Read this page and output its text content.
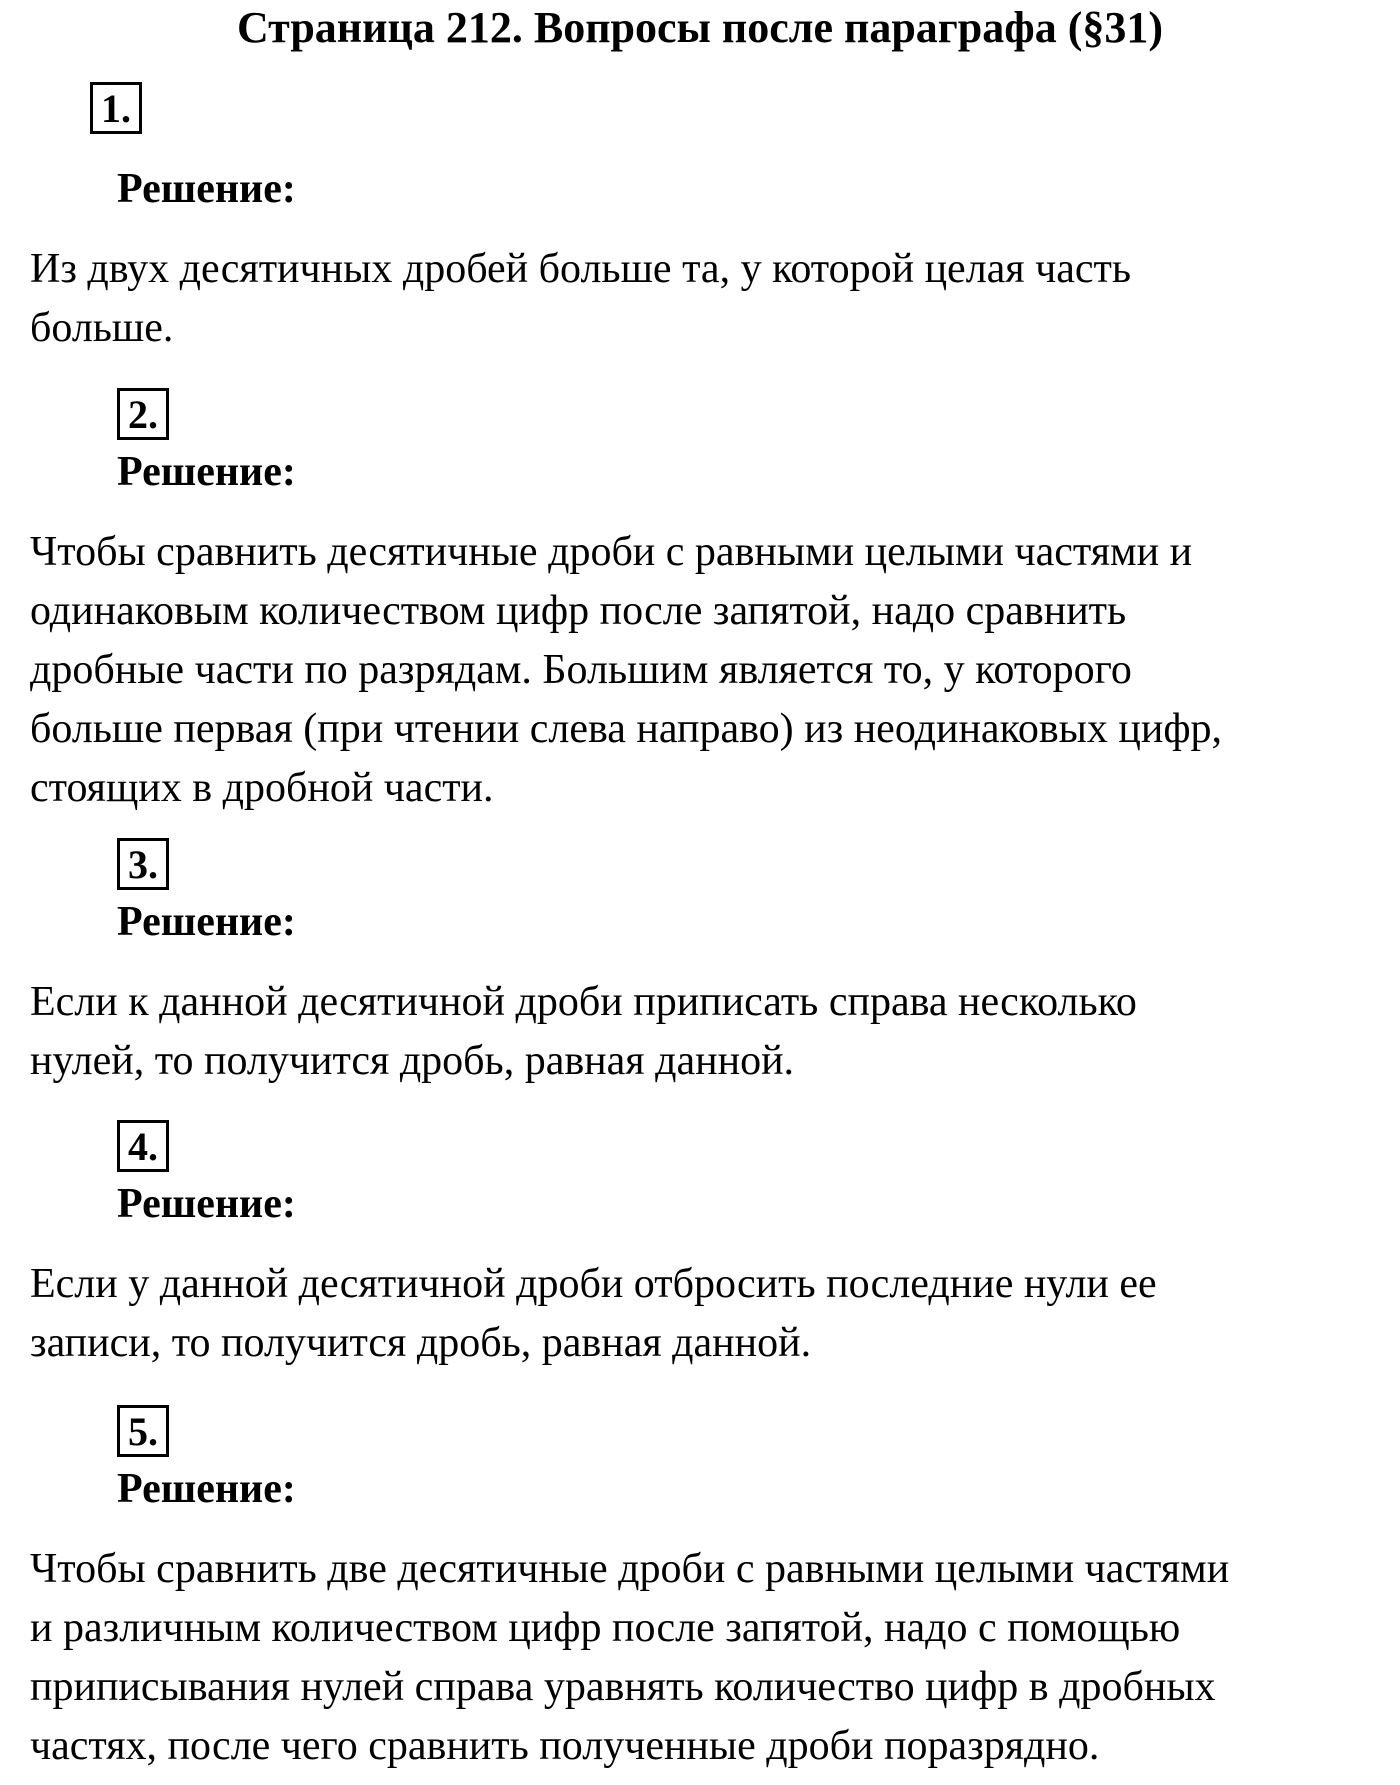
Страница 212. Вопросы после параграфа (§31)
1.
Решение:
Из двух десятичных дробей больше та, у которой целая часть
больше.
2.
Решение:
Чтобы сравнить десятичные дроби с равными целыми частями и
одинаковым количеством цифр после запятой, надо сравнить
дробные части по разрядам. Большим является то, у которого
больше первая (при чтении слева направо) из неодинаковых цифр,
стоящих в дробной части.
3.
Решение:
Если к данной десятичной дроби приписать справа несколько
нулей, то получится дробь, равная данной.
4.
Решение:
Если у данной десятичной дроби отбросить последние нули ее
записи, то получится дробь, равная данной.
5.
Решение:
Чтобы сравнить две десятичные дроби с равными целыми частями
и различным количеством цифр после запятой, надо с помощью
приписывания нулей справа уравнять количество цифр в дробных
частях, после чего сравнить полученные дроби поразрядно.
